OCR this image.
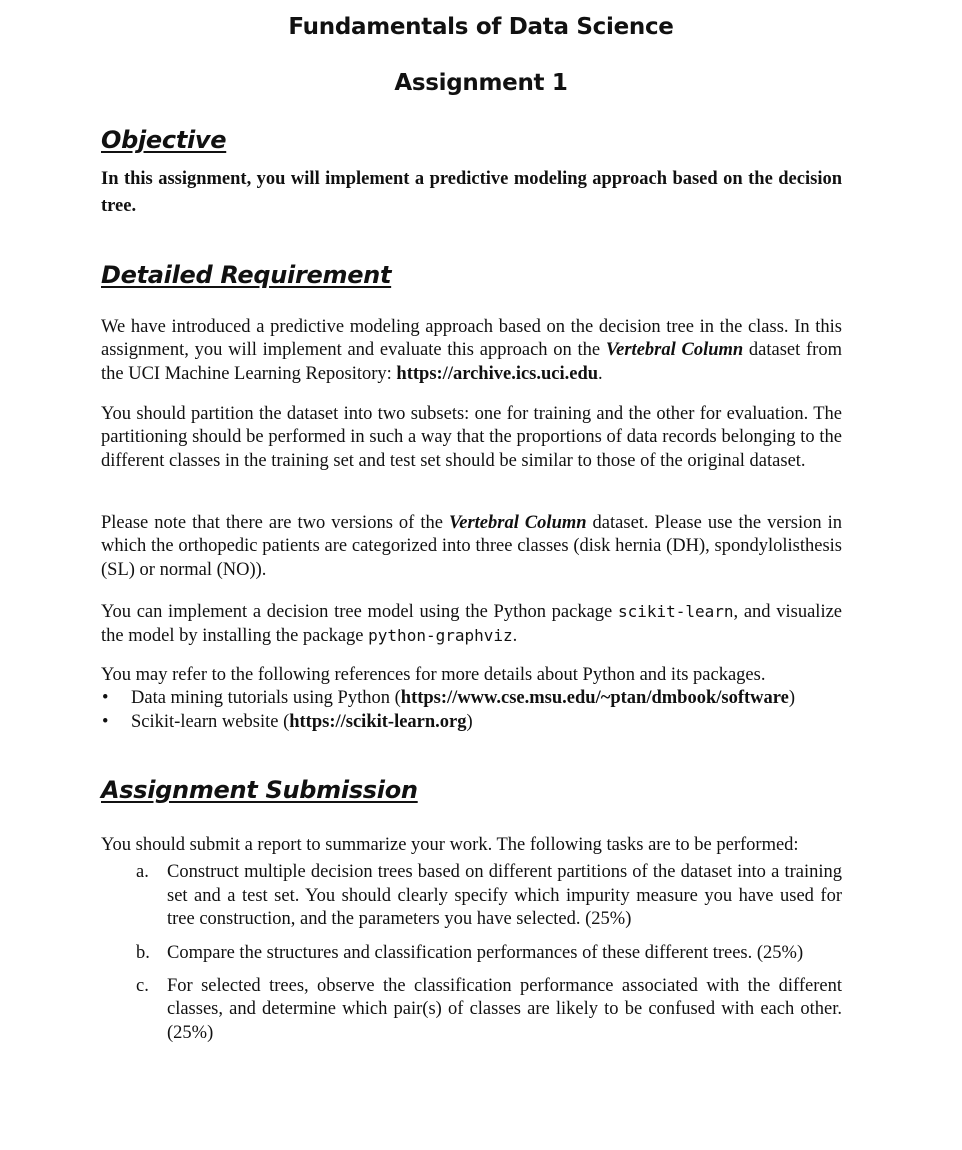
Fundamentals of Data Science
Assignment 1
Objective
In this assignment, you will implement a predictive modeling approach based on the decision tree.
Detailed Requirement
We have introduced a predictive modeling approach based on the decision tree in the class. In this assignment, you will implement and evaluate this approach on the Vertebral Column dataset from the UCI Machine Learning Repository: https://archive.ics.uci.edu.
You should partition the dataset into two subsets: one for training and the other for evaluation. The partitioning should be performed in such a way that the proportions of data records belonging to the different classes in the training set and test set should be similar to those of the original dataset.
Please note that there are two versions of the Vertebral Column dataset. Please use the version in which the orthopedic patients are categorized into three classes (disk hernia (DH), spondylolisthesis (SL) or normal (NO)).
You can implement a decision tree model using the Python package scikit-learn, and visualize the model by installing the package python-graphviz.
You may refer to the following references for more details about Python and its packages.
• Data mining tutorials using Python (https://www.cse.msu.edu/~ptan/dmbook/software)
• Scikit-learn website (https://scikit-learn.org)
Assignment Submission
You should submit a report to summarize your work. The following tasks are to be performed:
a. Construct multiple decision trees based on different partitions of the dataset into a training set and a test set. You should clearly specify which impurity measure you have used for tree construction, and the parameters you have selected. (25%)
b. Compare the structures and classification performances of these different trees. (25%)
c. For selected trees, observe the classification performance associated with the different classes, and determine which pair(s) of classes are likely to be confused with each other. (25%)
